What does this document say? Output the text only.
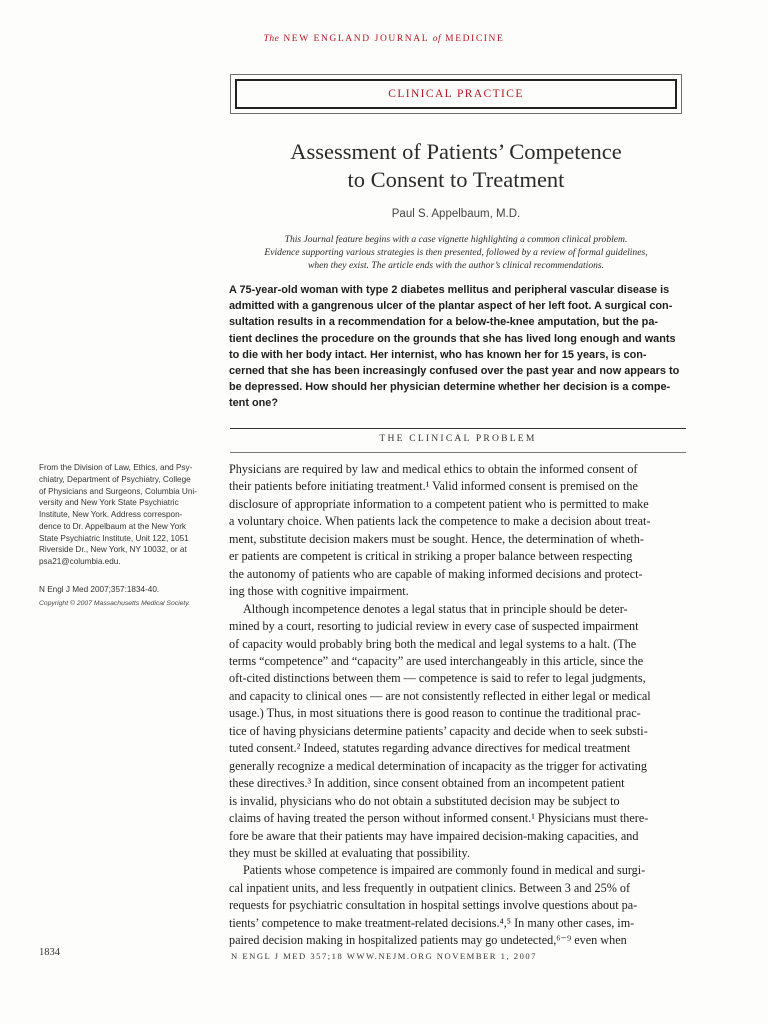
The NEW ENGLAND JOURNAL of MEDICINE
CLINICAL PRACTICE
Assessment of Patients’ Competence
to Consent to Treatment
Paul S. Appelbaum, M.D.
This Journal feature begins with a case vignette highlighting a common clinical problem.
Evidence supporting various strategies is then presented, followed by a review of formal guidelines,
when they exist. The article ends with the author’s clinical recommendations.
A 75-year-old woman with type 2 diabetes mellitus and peripheral vascular disease is
admitted with a gangrenous ulcer of the plantar aspect of her left foot. A surgical con-
sultation results in a recommendation for a below-the-knee amputation, but the pa-
tient declines the procedure on the grounds that she has lived long enough and wants
to die with her body intact. Her internist, who has known her for 15 years, is con-
cerned that she has been increasingly confused over the past year and now appears to
be depressed. How should her physician determine whether her decision is a compe-
tent one?
THE CLINICAL PROBLEM
From the Division of Law, Ethics, and Psy-
chiatry, Department of Psychiatry, College
of Physicians and Surgeons, Columbia Uni-
versity and New York State Psychiatric
Institute, New York. Address correspon-
dence to Dr. Appelbaum at the New York
State Psychiatric Institute, Unit 122, 1051
Riverside Dr., New York, NY 10032, or at
psa21@columbia.edu.
N Engl J Med 2007;357:1834-40.
Copyright © 2007 Massachusetts Medical Society.
Physicians are required by law and medical ethics to obtain the informed consent of
their patients before initiating treatment.¹ Valid informed consent is premised on the
disclosure of appropriate information to a competent patient who is permitted to make
a voluntary choice. When patients lack the competence to make a decision about treat-
ment, substitute decision makers must be sought. Hence, the determination of wheth-
er patients are competent is critical in striking a proper balance between respecting
the autonomy of patients who are capable of making informed decisions and protect-
ing those with cognitive impairment.
Although incompetence denotes a legal status that in principle should be deter-
mined by a court, resorting to judicial review in every case of suspected impairment
of capacity would probably bring both the medical and legal systems to a halt. (The
terms “competence” and “capacity” are used interchangeably in this article, since the
oft-cited distinctions between them — competence is said to refer to legal judgments,
and capacity to clinical ones — are not consistently reflected in either legal or medical
usage.) Thus, in most situations there is good reason to continue the traditional prac-
tice of having physicians determine patients’ capacity and decide when to seek substi-
tuted consent.² Indeed, statutes regarding advance directives for medical treatment
generally recognize a medical determination of incapacity as the trigger for activating
these directives.³ In addition, since consent obtained from an incompetent patient
is invalid, physicians who do not obtain a substituted decision may be subject to
claims of having treated the person without informed consent.¹ Physicians must there-
fore be aware that their patients may have impaired decision-making capacities, and
they must be skilled at evaluating that possibility.
Patients whose competence is impaired are commonly found in medical and surgi-
cal inpatient units, and less frequently in outpatient clinics. Between 3 and 25% of
requests for psychiatric consultation in hospital settings involve questions about pa-
tients’ competence to make treatment-related decisions.⁴,⁵ In many other cases, im-
paired decision making in hospitalized patients may go undetected,⁶⁻⁹ even when
1834	N ENGL J MED 357;18 WWW.NEJM.ORG NOVEMBER 1, 2007
